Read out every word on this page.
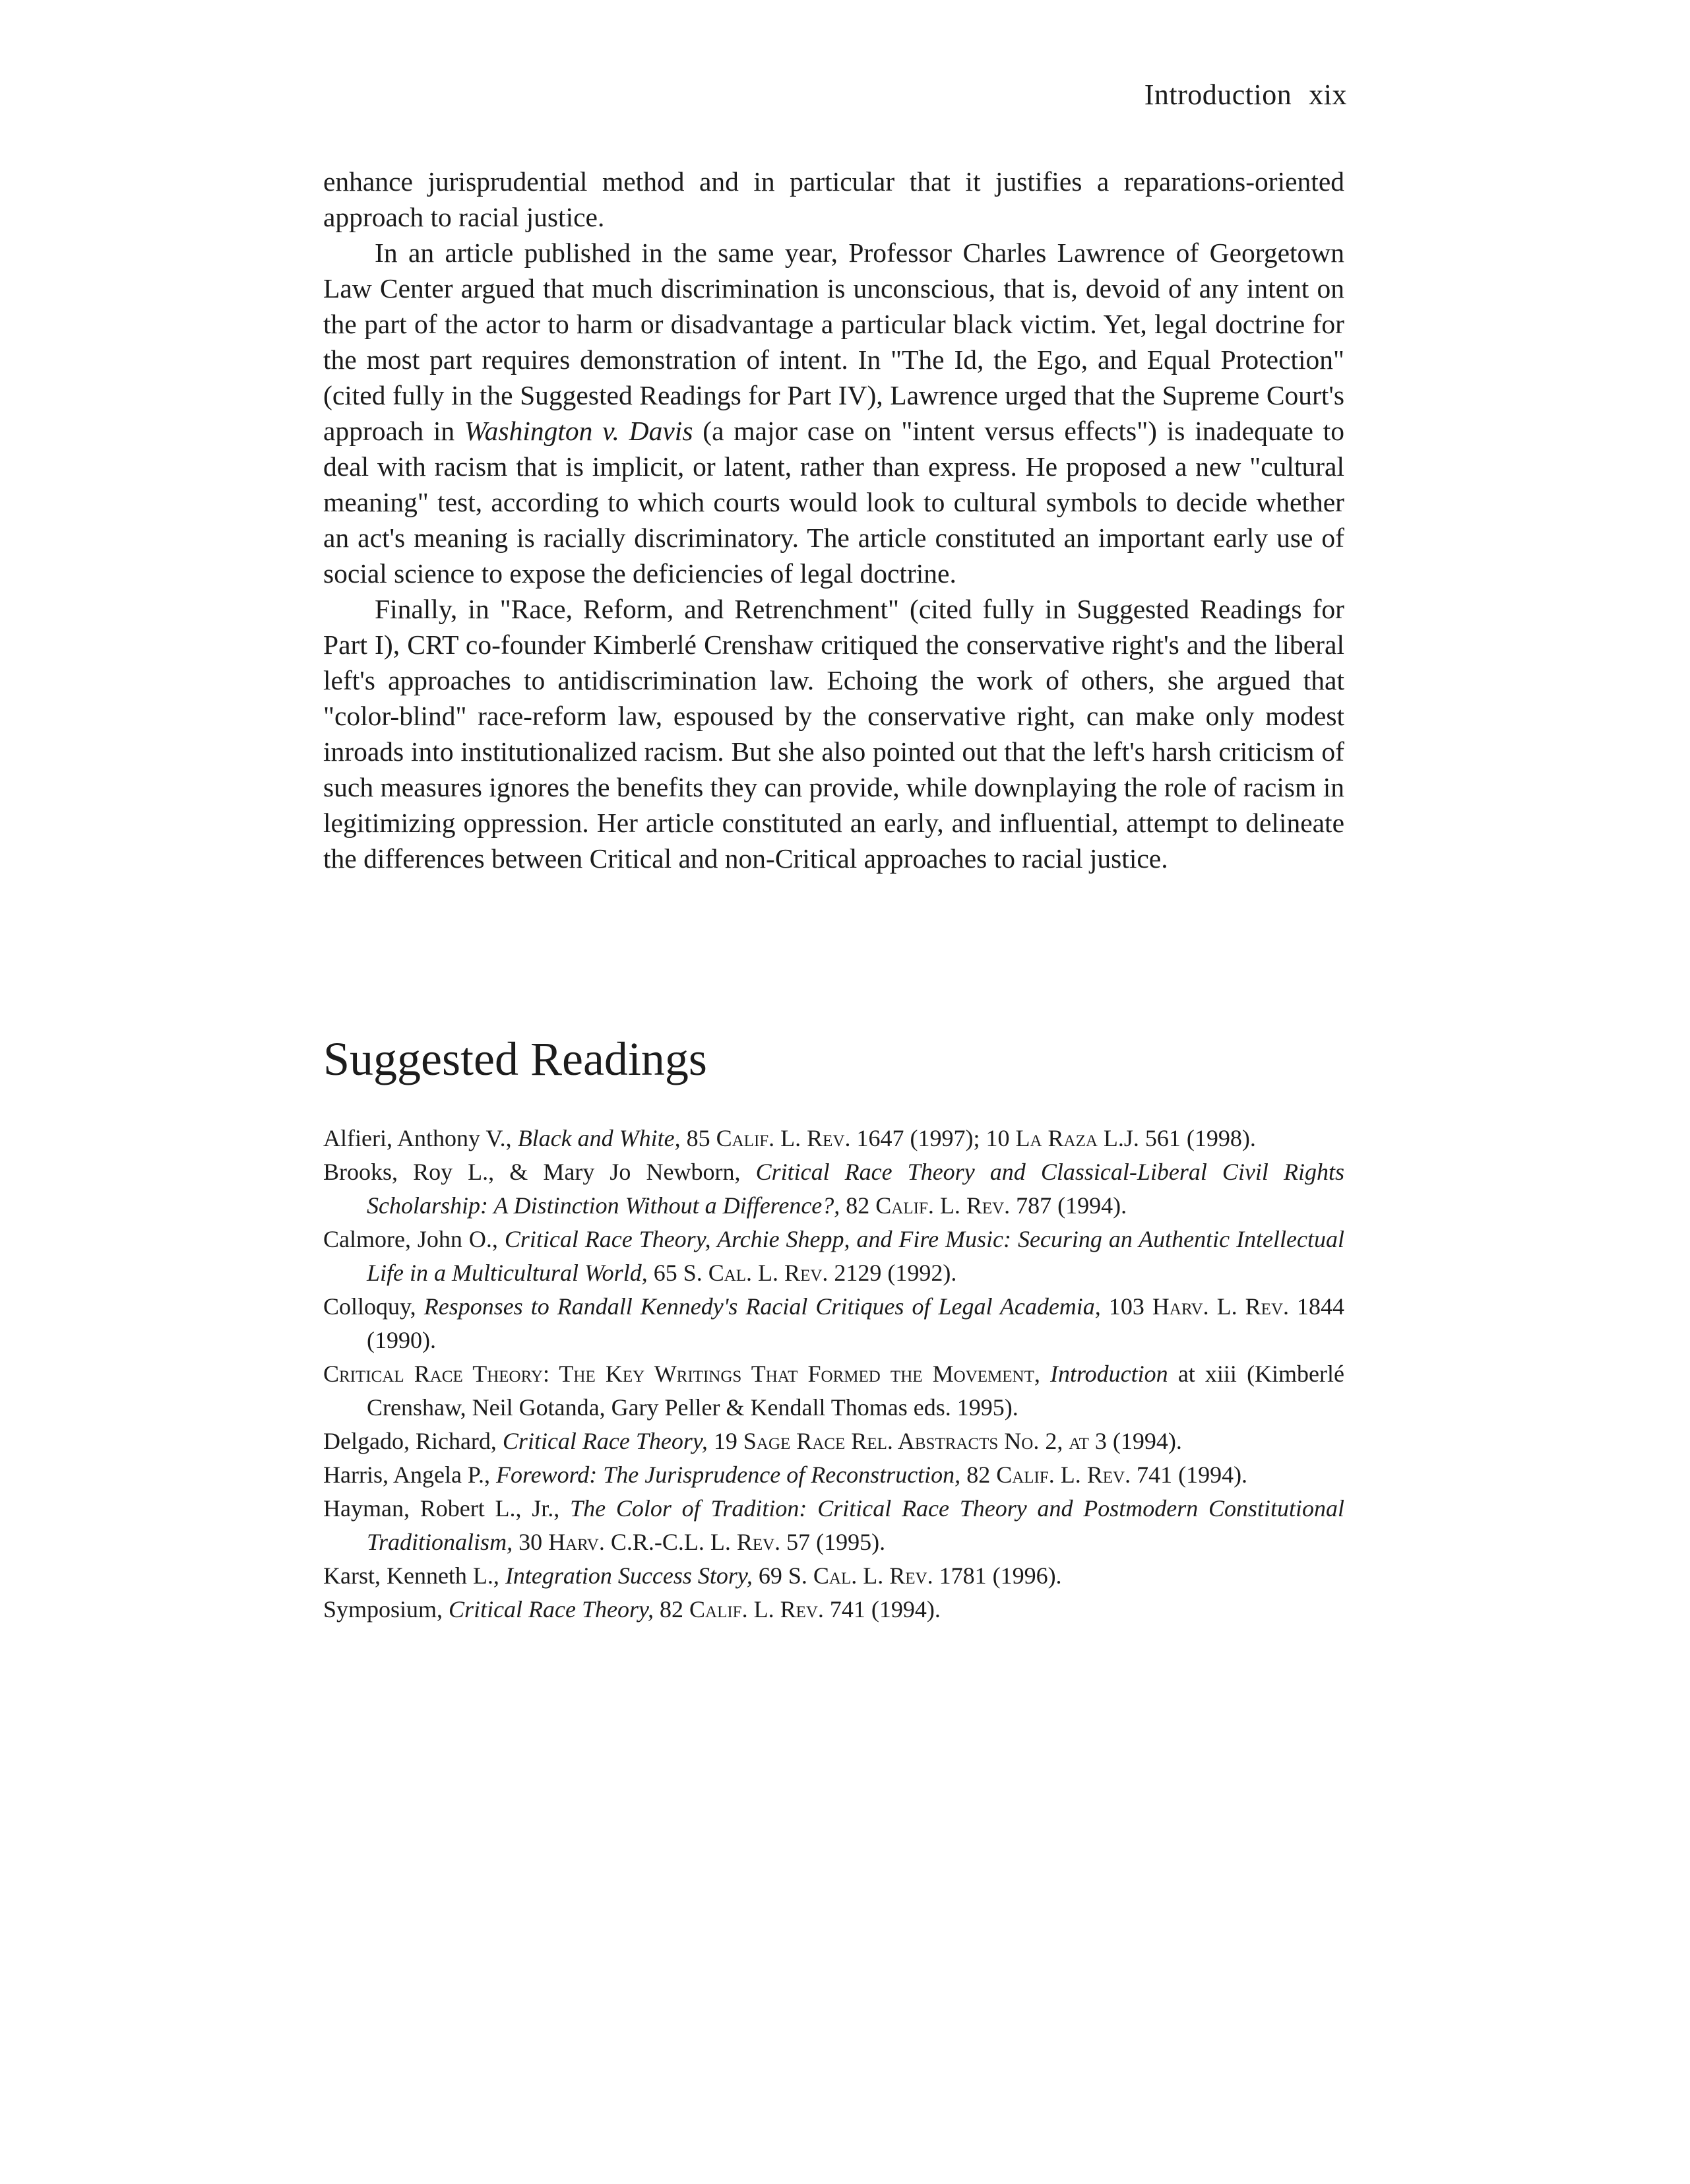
Introduction xix

enhance jurisprudential method and in particular that it justifies a reparations-oriented approach to racial justice.

In an article published in the same year, Professor Charles Lawrence of Georgetown Law Center argued that much discrimination is unconscious, that is, devoid of any intent on the part of the actor to harm or disadvantage a particular black victim. Yet, legal doctrine for the most part requires demonstration of intent. In "The Id, the Ego, and Equal Protection" (cited fully in the Suggested Readings for Part IV), Lawrence urged that the Supreme Court's approach in Washington v. Davis (a major case on "intent versus effects") is inadequate to deal with racism that is implicit, or latent, rather than express. He proposed a new "cultural meaning" test, according to which courts would look to cultural symbols to decide whether an act's meaning is racially discriminatory. The article constituted an important early use of social science to expose the deficiencies of legal doctrine.

Finally, in "Race, Reform, and Retrenchment" (cited fully in Suggested Readings for Part I), CRT co-founder Kimberlé Crenshaw critiqued the conservative right's and the liberal left's approaches to antidiscrimination law. Echoing the work of others, she argued that "color-blind" race-reform law, espoused by the conservative right, can make only modest inroads into institutionalized racism. But she also pointed out that the left's harsh criticism of such measures ignores the benefits they can provide, while downplaying the role of racism in legitimizing oppression. Her article constituted an early, and influential, attempt to delineate the differences between Critical and non-Critical approaches to racial justice.

Suggested Readings

Alfieri, Anthony V., Black and White, 85 Calif. L. Rev. 1647 (1997); 10 La Raza L.J. 561 (1998).

Brooks, Roy L., & Mary Jo Newborn, Critical Race Theory and Classical-Liberal Civil Rights Scholarship: A Distinction Without a Difference?, 82 Calif. L. Rev. 787 (1994).

Calmore, John O., Critical Race Theory, Archie Shepp, and Fire Music: Securing an Authentic Intellectual Life in a Multicultural World, 65 S. Cal. L. Rev. 2129 (1992).

Colloquy, Responses to Randall Kennedy's Racial Critiques of Legal Academia, 103 Harv. L. Rev. 1844 (1990).

Critical Race Theory: The Key Writings That Formed the Movement, Introduction at xiii (Kimberlé Crenshaw, Neil Gotanda, Gary Peller & Kendall Thomas eds. 1995).

Delgado, Richard, Critical Race Theory, 19 Sage Race Rel. Abstracts No. 2, at 3 (1994).

Harris, Angela P., Foreword: The Jurisprudence of Reconstruction, 82 Calif. L. Rev. 741 (1994).

Hayman, Robert L., Jr., The Color of Tradition: Critical Race Theory and Postmodern Constitutional Traditionalism, 30 Harv. C.R.-C.L. L. Rev. 57 (1995).

Karst, Kenneth L., Integration Success Story, 69 S. Cal. L. Rev. 1781 (1996).

Symposium, Critical Race Theory, 82 Calif. L. Rev. 741 (1994).
